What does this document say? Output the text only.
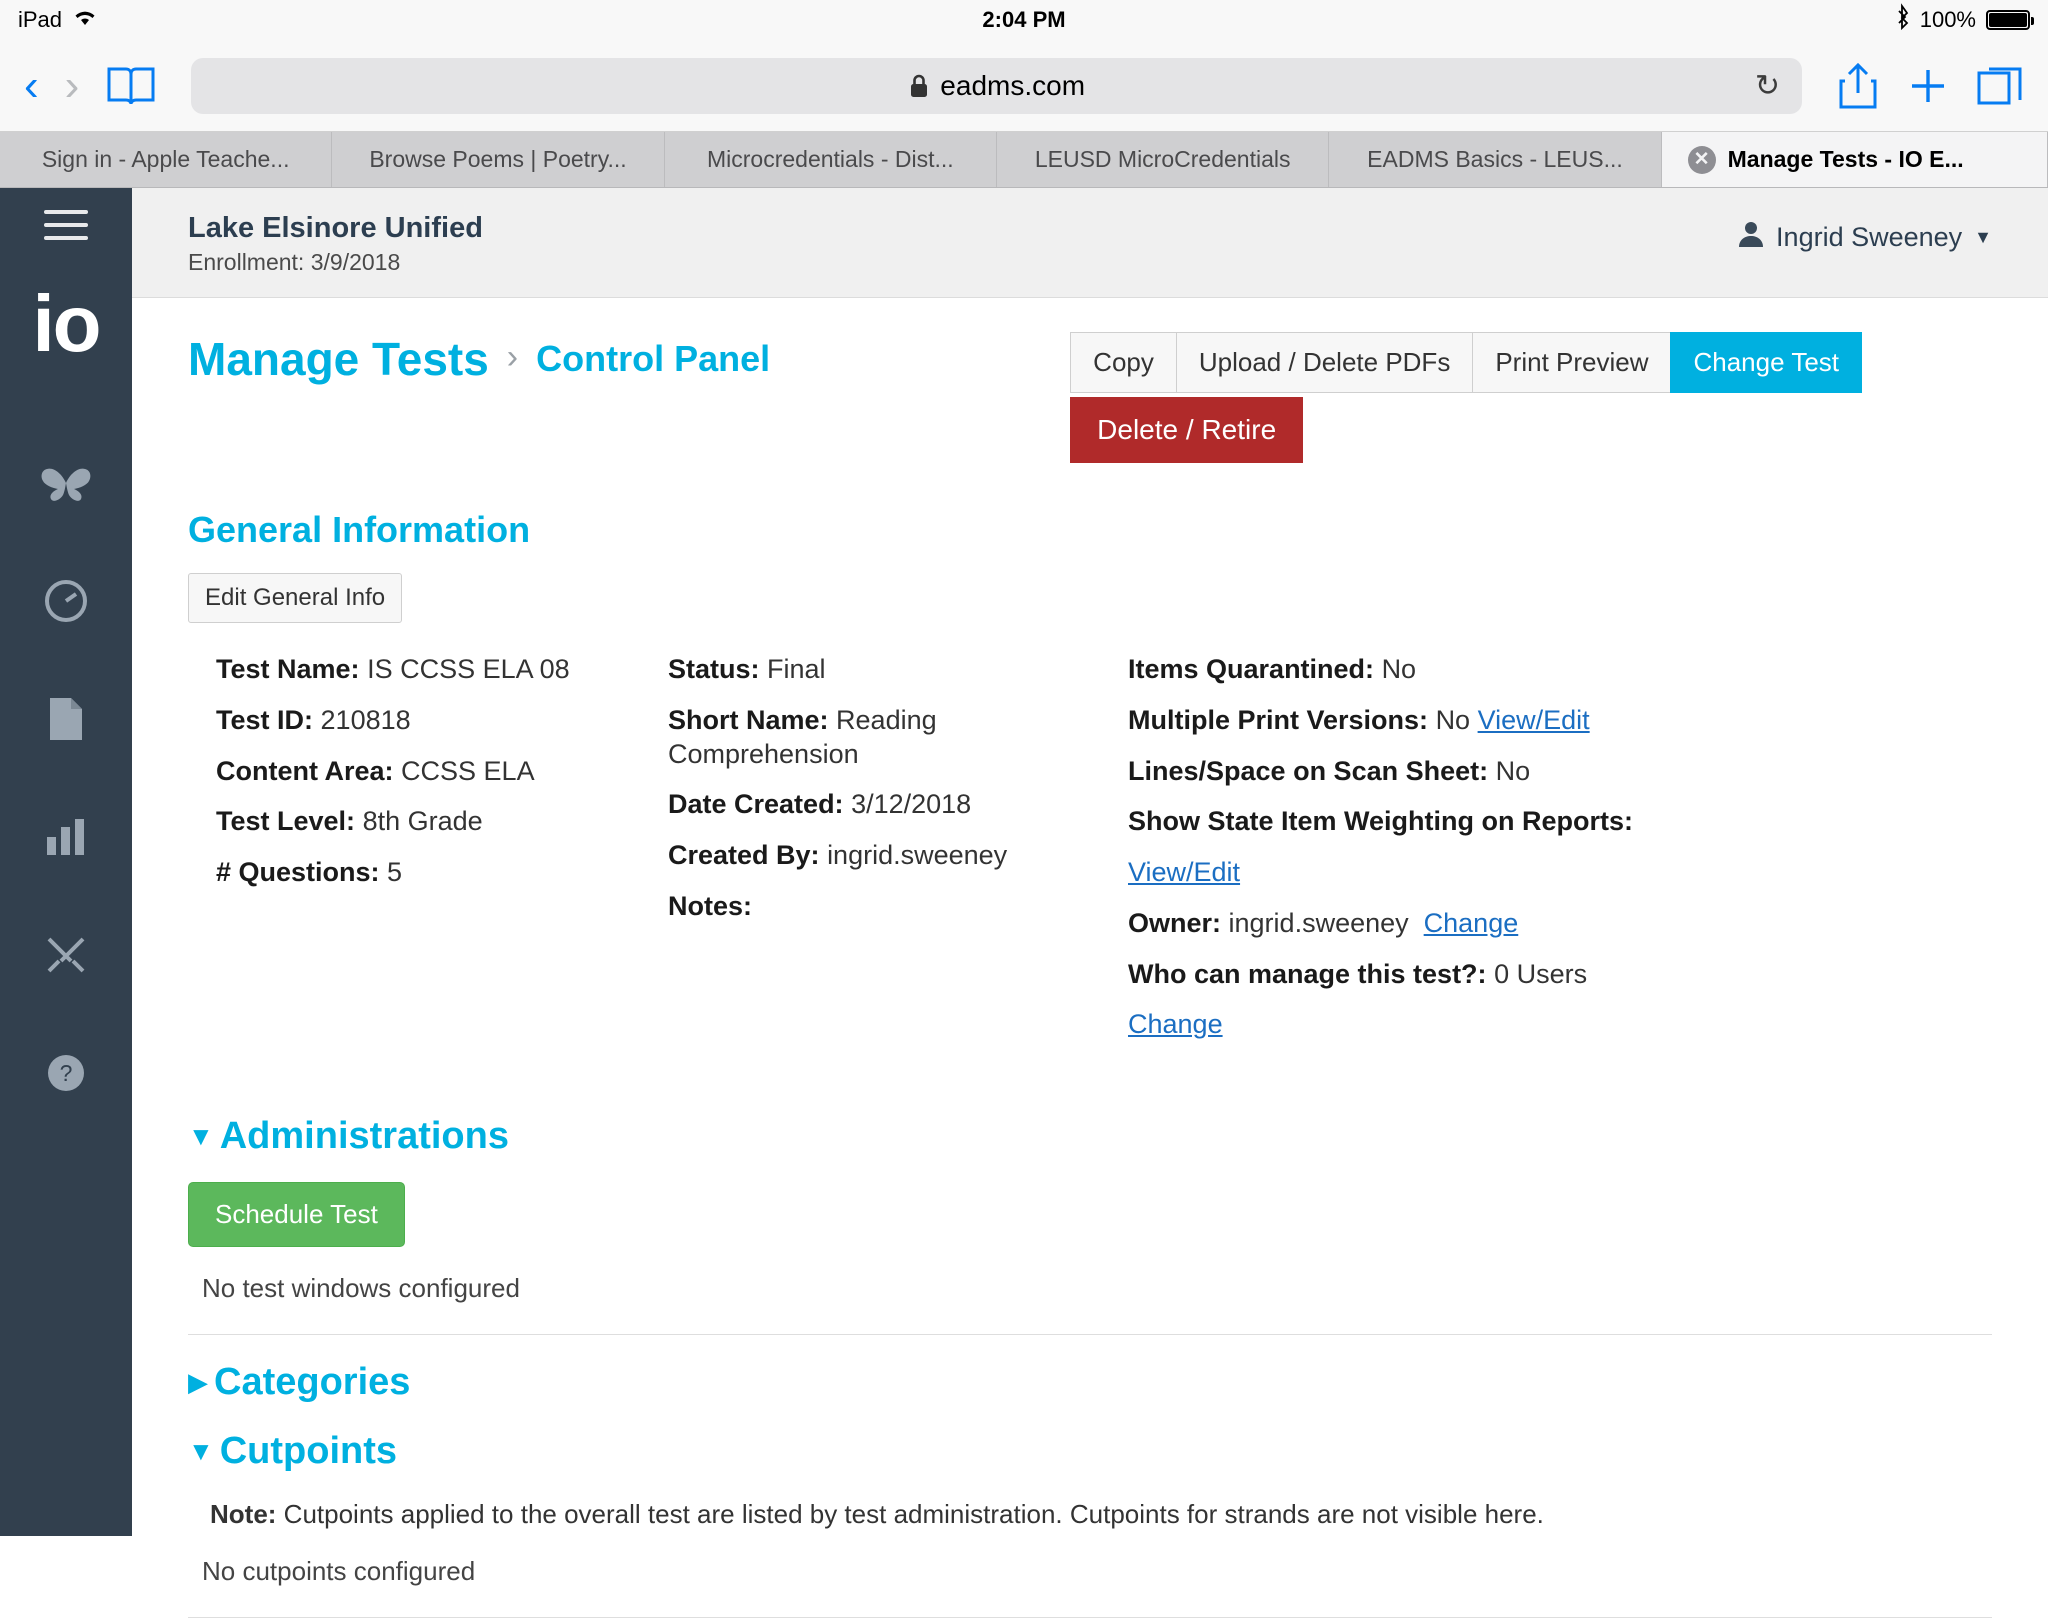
iPad	2:04 PM	100%
‹ ›	eadms.com	↻
Sign in - Apple Teache...	Browse Poems | Poetry...	Microcredentials - Dist...	LEUSD MicroCredentials	EADMS Basics - LEUS...	✕ Manage Tests - IO E...
io
?
Lake Elsinore Unified
Enrollment: 3/9/2018
Ingrid Sweeney ▼
Manage Tests › Control Panel	Copy	Upload / Delete PDFs	Print Preview	Change Test
Delete / Retire
General Information
Edit General Info
Test Name: IS CCSS ELA 08
Test ID: 210818
Content Area: CCSS ELA
Test Level: 8th Grade
# Questions: 5
Status: Final
Short Name: Reading Comprehension
Date Created: 3/12/2018
Created By: ingrid.sweeney
Notes:
Items Quarantined: No
Multiple Print Versions: No View/Edit
Lines/Space on Scan Sheet: No
Show State Item Weighting on Reports:
View/Edit
Owner: ingrid.sweeney Change
Who can manage this test?: 0 Users
Change
▼ Administrations
Schedule Test
No test windows configured
▶ Categories
▼ Cutpoints
Note: Cutpoints applied to the overall test are listed by test administration. Cutpoints for strands are not visible here.
No cutpoints configured
